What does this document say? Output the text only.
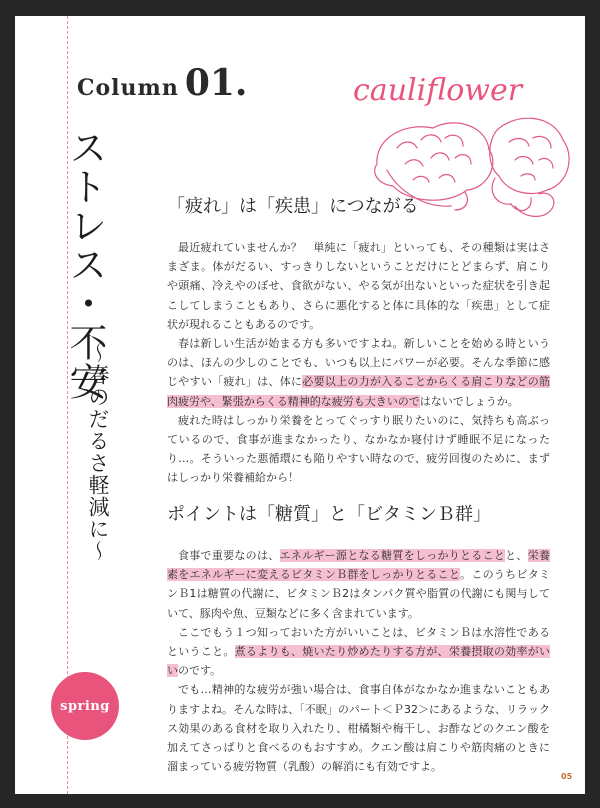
Column 01.
ストレス・不安
～春のだるさ軽減に～
spring
cauliflower
「疲れ」は「疾患」につながる

最近疲れていませんか？　単純に「疲れ」といっても、その種類は実はさまざま。体がだるい、すっきりしないということだけにとどまらず、肩こりや頭痛、冷えやのぼせ、食欲がない、やる気が出ないといった症状を引き起こしてしまうこともあり、さらに悪化すると体に具体的な「疾患」として症状が現れることもあるのです。

春は新しい生活が始まる方も多いですよね。新しいことを始める時というのは、ほんの少しのことでも、いつも以上にパワーが必要。そんな季節に感じやすい「疲れ」は、体に必要以上の力が入ることからくる肩こりなどの筋肉疲労や、緊張からくる精神的な疲労も大きいのではないでしょうか。

疲れた時はしっかり栄養をとってぐっすり眠りたいのに、気持ちも高ぶっているので、食事が進まなかったり、なかなか寝付けず睡眠不足になったり…。そういった悪循環にも陥りやすい時なので、疲労回復のために、まずはしっかり栄養補給から！

ポイントは「糖質」と「ビタミンＢ群」

食事で重要なのは、エネルギー源となる糖質をしっかりとることと、栄養素をエネルギーに変えるビタミンＢ群をしっかりとること。このうちビタミンＢ1は糖質の代謝に、ビタミンＢ2はタンパク質や脂質の代謝にも関与していて、豚肉や魚、豆類などに多く含まれています。

ここでもう１つ知っておいた方がいいことは、ビタミンＢは水溶性であるということ。煮るよりも、焼いたり炒めたりする方が、栄養摂取の効率がいいのです。

でも…精神的な疲労が強い場合は、食事自体がなかなか進まないこともありますよね。そんな時は、「不眠」のパート＜Ｐ32＞にあるような、リラックス効果のある食材を取り入れたり、柑橘類や梅干し、お酢などのクエン酸を加えてさっぱりと食べるのもおすすめ。クエン酸は肩こりや筋肉痛のときに溜まっている疲労物質（乳酸）の解消にも有効ですよ。

05
